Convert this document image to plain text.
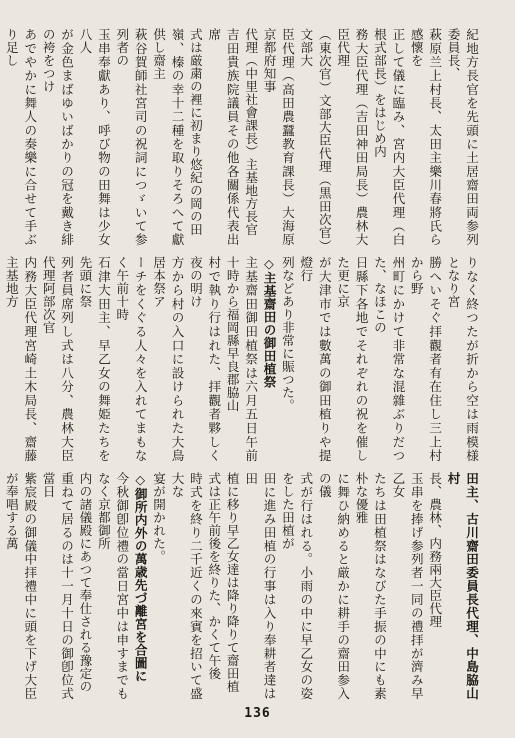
紀地方長官を先頭に土居齋田両参列委員長、

萩原兰上村長、太田主樂川春將氏ら感懷を

正して儀に臨み、宮内大臣代理（白根式部長）をはじめ内

務大臣代理（吉田神田局長）農林大臣代理

（東次官）文部大臣代理（黒田次官）文部大

臣代理（高田農蠶教育課長）大海原京都府知事

代理（中里社會課長）主基地方長官

吉田貴族院議員その他各關係代表出席

式は厳粛の裡に初まり悠紀の岡の田

嶺、榛の幸十二種を取りそろへて獻供し齋主

萩谷賀師社宮司の祝詞につゞいて参列者の

玉串奉獻あり、呼び物の田舞は少女八人

が金色まばゆいばかりの冠を戴き緋の袴をつけ

あでやかに舞人の奏樂に合せて手ぶり足し

りなく終つたが折から空は雨模様となり宮

勝へいそぐ拝觀者有在住し三上村から野

州町にかけて非常な混雜ぶりだつた、なほこの

日縣下各地でそれぞれの祝を催した更に京

が大津市では數萬の御田植りや提燈行

列などあり非常に賑つた。

◇主基齋田の御田植祭

主基齋田御田植祭は六月五日午前十時から福岡縣早良郡脇山

村で執り行はれた、拝觀者夥しく夜の明け

方から村の入口に設けられた大鳥居本祭ア

ーチをくぐる人々を入れてまもなく午前十時

石津大田主、早乙女の舞姫たちを先頭に祭

列者員席列し式は八分、農林大臣代理阿部次官

内務大臣代理宮崎土木局長、齋藤主基地方

田主、古川齋田委員長代理、中島脇山村

長、農林、内務兩大臣代理

玉串を捧げ参列者一同の禮拝が濟み早乙女

たちは田植祭はなびた手振の中にも素朴な優雅

に舞ひ納めると厳かに耕手の齋田参入の儀

式が行はれる。小雨の中に早乙女の姿をした田植が

田に進み田植の行事は入り奉耕者達は田

植に移り早乙女達は降り降りて齋田植

式は正午前後を終りた、かくて午後

時式を終り二千近くの來賓を招いて盛大な

宴が開かれた。

◇御所内外の萬歳先づ離宮を合圖に

今秋御卽位禮の當日宮中は申すまでもなく京都御所

内の諸儀殿にあつて奉仕される豫定の

重ねて居るのは十一月十日の御卽位式當日

紫宸殿の御儀中拝禮中に頭を下げ大臣が奉唱する萬

136
